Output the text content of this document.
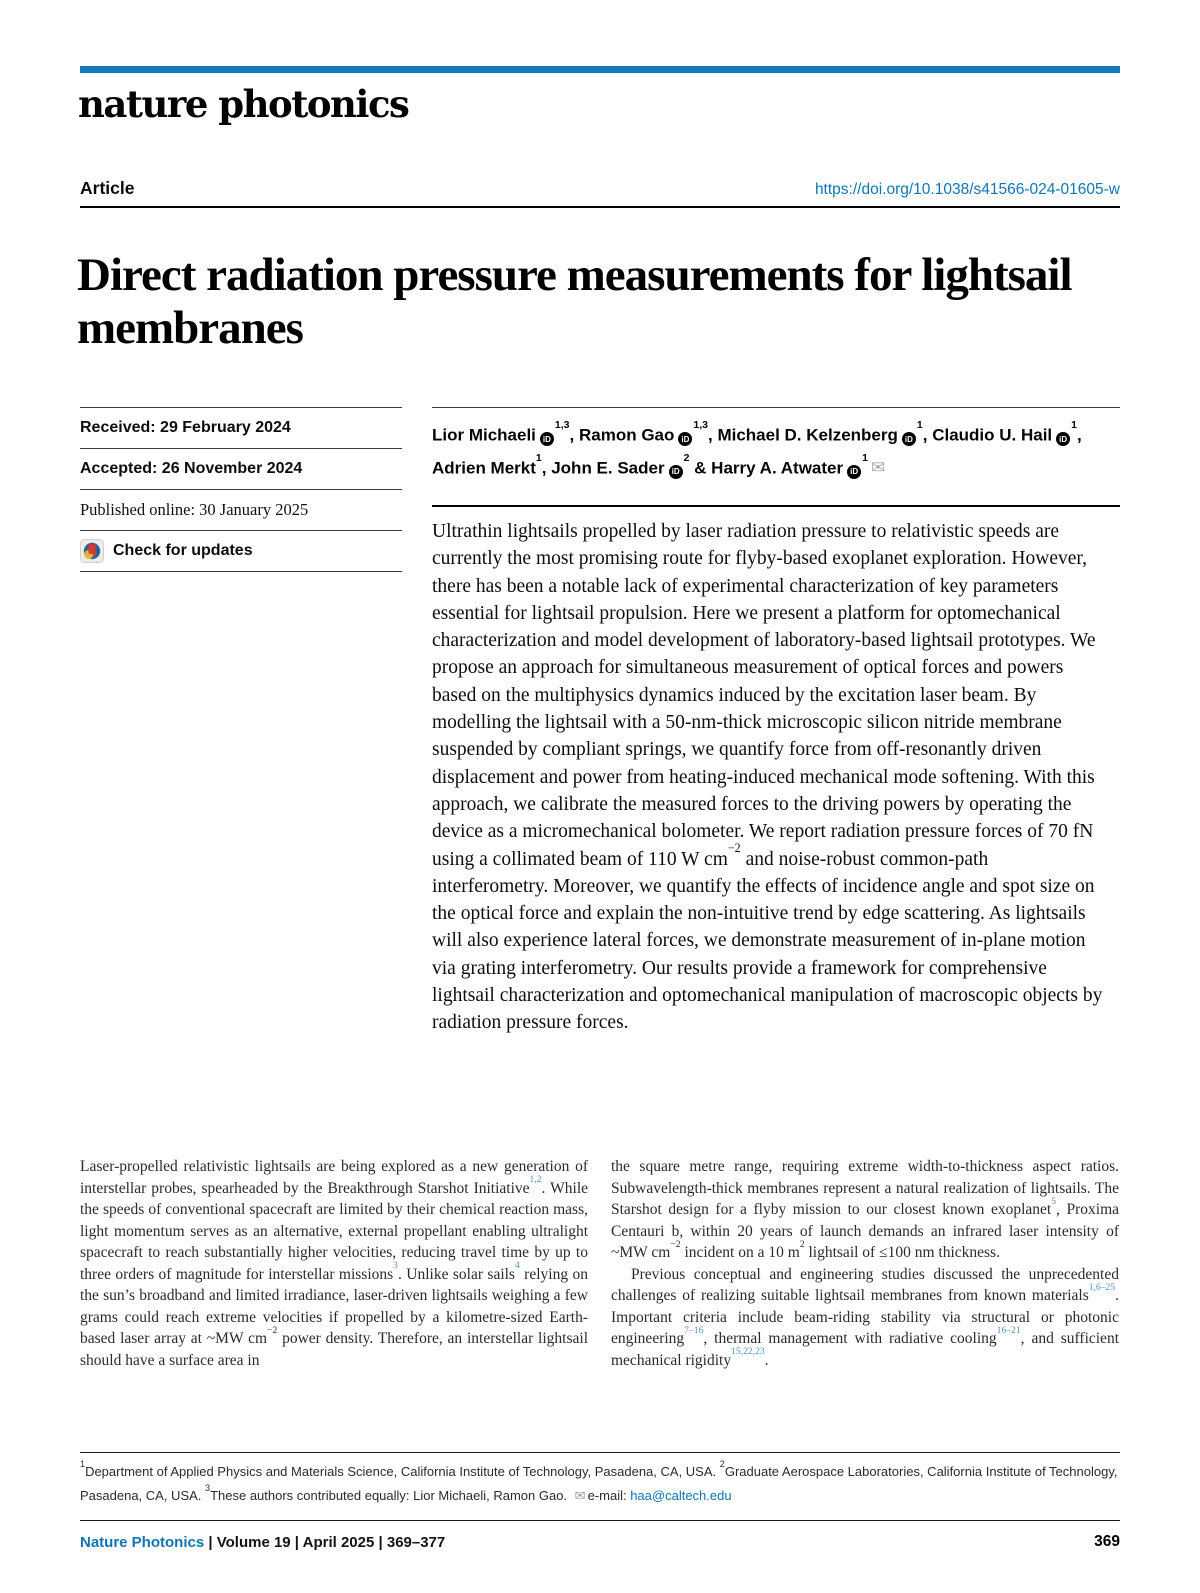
nature photonics
Article	https://doi.org/10.1038/s41566-024-01605-w
Direct radiation pressure measurements for lightsail membranes
Received: 29 February 2024
Accepted: 26 November 2024
Published online: 30 January 2025
Check for updates
Lior Michaeli iD$^{1,3}$, Ramon Gao iD$^{1,3}$, Michael D. Kelzenberg $iD^1$, Claudio U. Hail $iD^1$, Adrien Merkt$^1$, John E. Sader $iD^2$ & Harry A. Atwater $iD^1✉$

Ultrathin lightsails propelled by laser radiation pressure to relativistic speeds are currently the most promising route for flyby-based exoplanet exploration. However, there has been a notable lack of experimental characterization of key parameters essential for lightsail propulsion. Here we present a platform for optomechanical characterization and model development of laboratory-based lightsail prototypes. We propose an approach for simultaneous measurement of optical forces and powers based on the multiphysics dynamics induced by the excitation laser beam. By modelling the lightsail with a 50-nm-thick microscopic silicon nitride membrane suspended by compliant springs, we quantify force from off-resonantly driven displacement and power from heating-induced mechanical mode softening. With this approach, we calibrate the measured forces to the driving powers by operating the device as a micromechanical bolometer. We report radiation pressure forces of 70 fN using a collimated beam of 110 W $cm^{-2}$ and noise-robust common-path interferometry. Moreover, we quantify the effects of incidence angle and spot size on the optical force and explain the non-intuitive trend by edge scattering. As lightsails will also experience lateral forces, we demonstrate measurement of in-plane motion via grating interferometry. Our results provide a framework for comprehensive lightsail characterization and optomechanical manipulation of macroscopic objects by radiation pressure forces.

Laser-propelled relativistic lightsails are being explored as a new generation of interstellar probes, spearheaded by the Breakthrough Starshot Initiative$^{1,2}$. While the speeds of conventional spacecraft are limited by their chemical reaction mass, light momentum serves as an alternative, external propellant enabling ultralight spacecraft to reach substantially higher velocities, reducing travel time by up to three orders of magnitude for interstellar missions$^3$. Unlike solar sails$^4$ relying on the sun’s broadband and limited irradiance, laser-driven lightsails weighing a few grams could reach extreme velocities if propelled by a kilometre-sized Earth-based laser array at ~MW $cm^{-2}$ power density. Therefore, an interstellar lightsail should have a surface area in

the square metre range, requiring extreme width-to-thickness aspect ratios. Subwavelength-thick membranes represent a natural realization of lightsails. The Starshot design for a flyby mission to our closest known exoplanet$^5$, Proxima Centauri b, within 20 years of launch demands an infrared laser intensity of ~MW $cm^{-2}$ incident on a 10 $m^2$ lightsail of ≤100 nm thickness.

Previous conceptual and engineering studies discussed the unprecedented challenges of realizing suitable lightsail membranes from known materials$^{1,6-25}$. Important criteria include beam-riding stability via structural or photonic engineering$^{7-16}$, thermal management with radiative cooling$^{16-21}$, and sufficient mechanical rigidity$^{15,22,23}$.

$^1$Department of Applied Physics and Materials Science, California Institute of Technology, Pasadena, CA, USA. $^2$Graduate Aerospace Laboratories, California Institute of Technology, Pasadena, CA, USA. $^3$These authors contributed equally: Lior Michaeli, Ramon Gao. ✉ e-mail: haa@caltech.edu
Nature Photonics | Volume 19 | April 2025 | 369–377	369
